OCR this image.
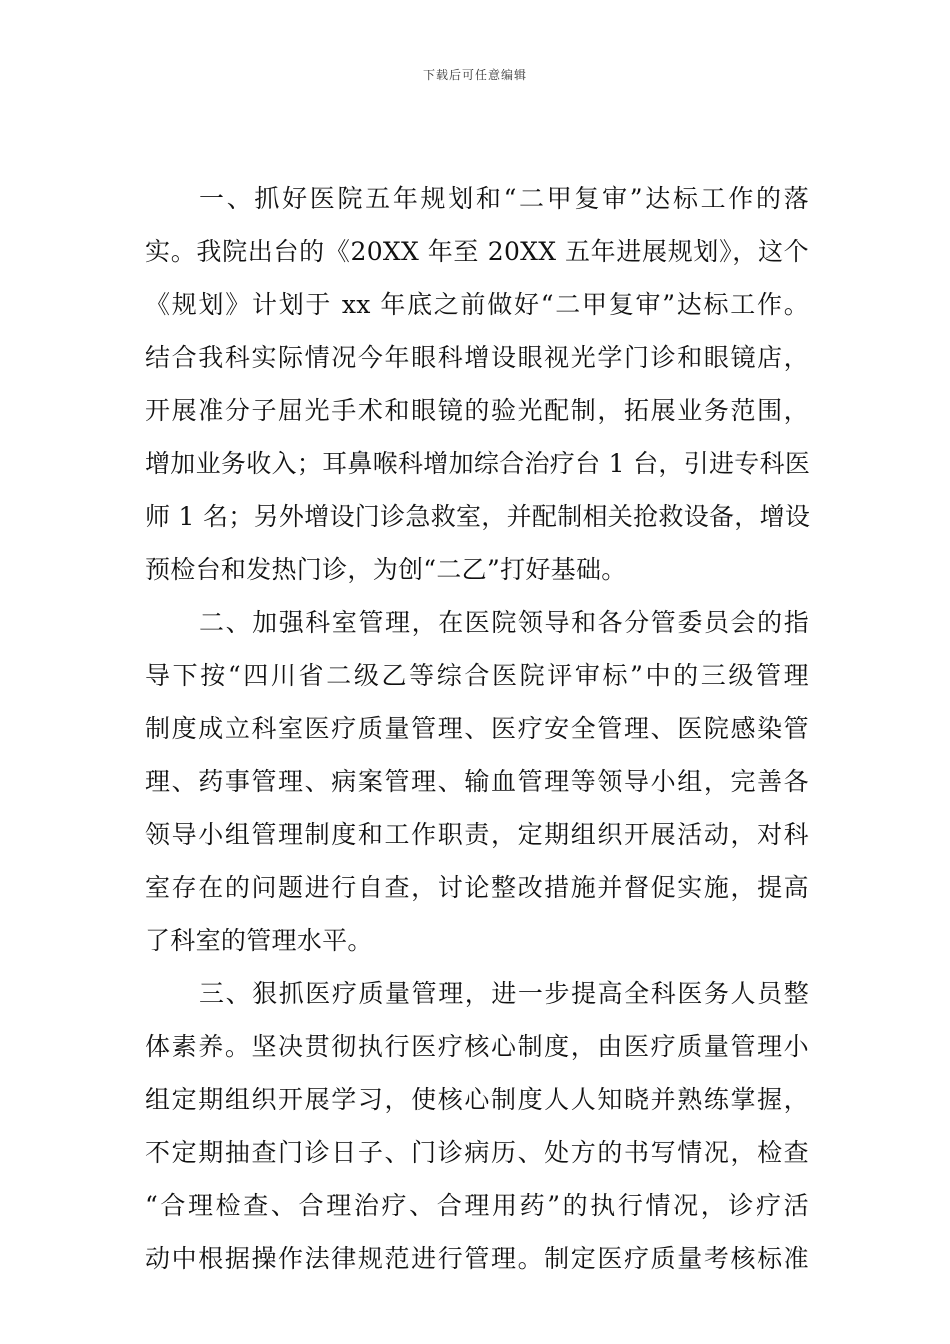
下载后可任意编辑
一、抓好医院五年规划和“二甲复审”达标工作的落
实。我院出台的《20XX 年至 20XX 五年进展规划》，这个
《规划》计划于 xx 年底之前做好“二甲复审”达标工作。
结合我科实际情况今年眼科增设眼视光学门诊和眼镜店，
开展准分子屈光手术和眼镜的验光配制，拓展业务范围，
增加业务收入；耳鼻喉科增加综合治疗台 1 台，引进专科医
师 1 名；另外增设门诊急救室，并配制相关抢救设备，增设
预检台和发热门诊，为创“二乙”打好基础。
二、加强科室管理，在医院领导和各分管委员会的指
导下按“四川省二级乙等综合医院评审标”中的三级管理
制度成立科室医疗质量管理、医疗安全管理、医院感染管
理、药事管理、病案管理、输血管理等领导小组，完善各
领导小组管理制度和工作职责，定期组织开展活动，对科
室存在的问题进行自查，讨论整改措施并督促实施，提高
了科室的管理水平。
三、狠抓医疗质量管理，进一步提高全科医务人员整
体素养。坚决贯彻执行医疗核心制度，由医疗质量管理小
组定期组织开展学习，使核心制度人人知晓并熟练掌握，
不定期抽查门诊日子、门诊病历、处方的书写情况，检查
“合理检查、合理治疗、合理用药”的执行情况，诊疗活
动中根据操作法律规范进行管理。制定医疗质量考核标准
